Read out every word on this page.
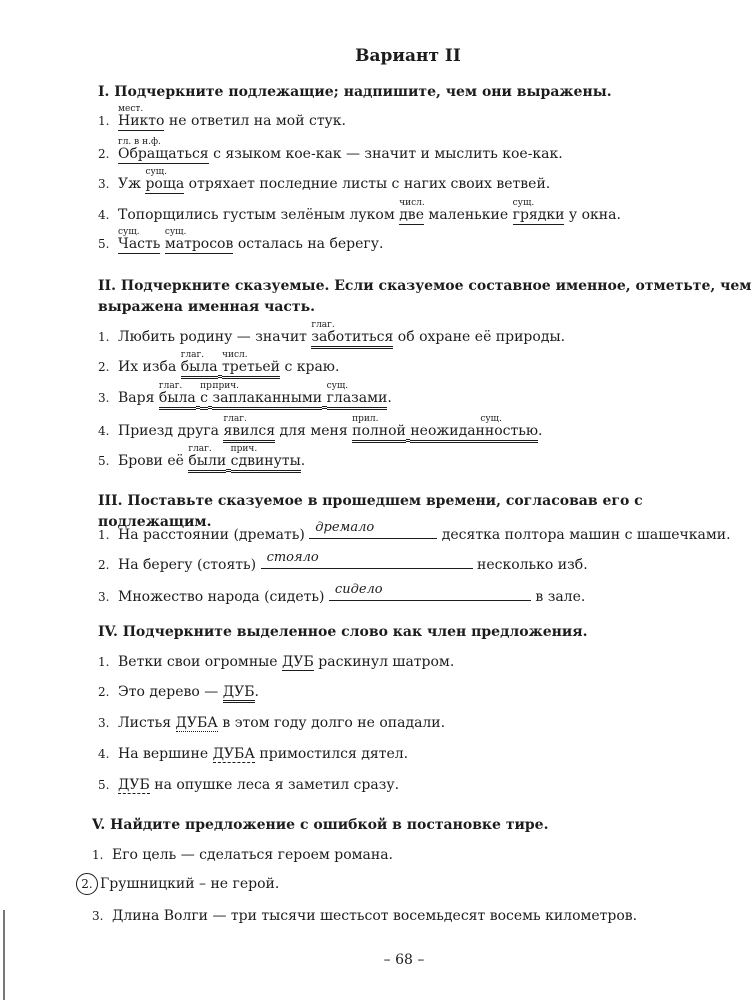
Вариант II
I. Подчеркните подлежащие; надпишите, чем они выражены.
1.
мест.
Никто не ответил на мой стук.
2.
гл. в н.ф.
Обращаться с языком кое-как — значит и мыслить кое-как.
3. Уж
сущ.
роща отряхает последние листы с нагих своих ветвей.
4. Топорщились густым зелёным луком
числ.
две маленькие
сущ.
грядки у окна.
5.
сущ.
Часть
сущ.
матросов осталась на берегу.
II. Подчеркните сказуемые. Если сказуемое составное именное, отметьте, чем
выражена именная часть.
1. Любить родину — значит
глаг.
заботиться об охране её природы.
2. Их изба
глаг.
была
числ.
третьей с краю.
3. Варя
глаг.
была
пр.
с
прич.
заплаканными
сущ.
глазами.
4. Приезд друга
глаг.
явился для меня
прил.
полной
сущ.
неожиданностью.
5. Брови её
глаг.
были
прич.
сдвинуты.
III. Поставьте сказуемое в прошедшем времени, согласовав его с подлежащим.
1. На расстоянии (дремать) дремало	десятка полтора машин с шашечками.
2. На берегу (стоять) стояло	несколько изб.
3. Множество народа (сидеть) сидело	в зале.
IV. Подчеркните выделенное слово как член предложения.
1. Ветки свои огромные ДУБ раскинул шатром.
2. Это дерево — ДУБ.
3. Листья ДУБА в этом году долго не опадали.
4. На вершине ДУБА примостился дятел.
5. ДУБ на опушке леса я заметил сразу.
V. Найдите предложение с ошибкой в постановке тире.
1. Его цель — сделаться героем романа.
2. Грушницкий – не герой.
3. Длина Волги — три тысячи шестьсот восемьдесят восемь километров.
– 68 –
